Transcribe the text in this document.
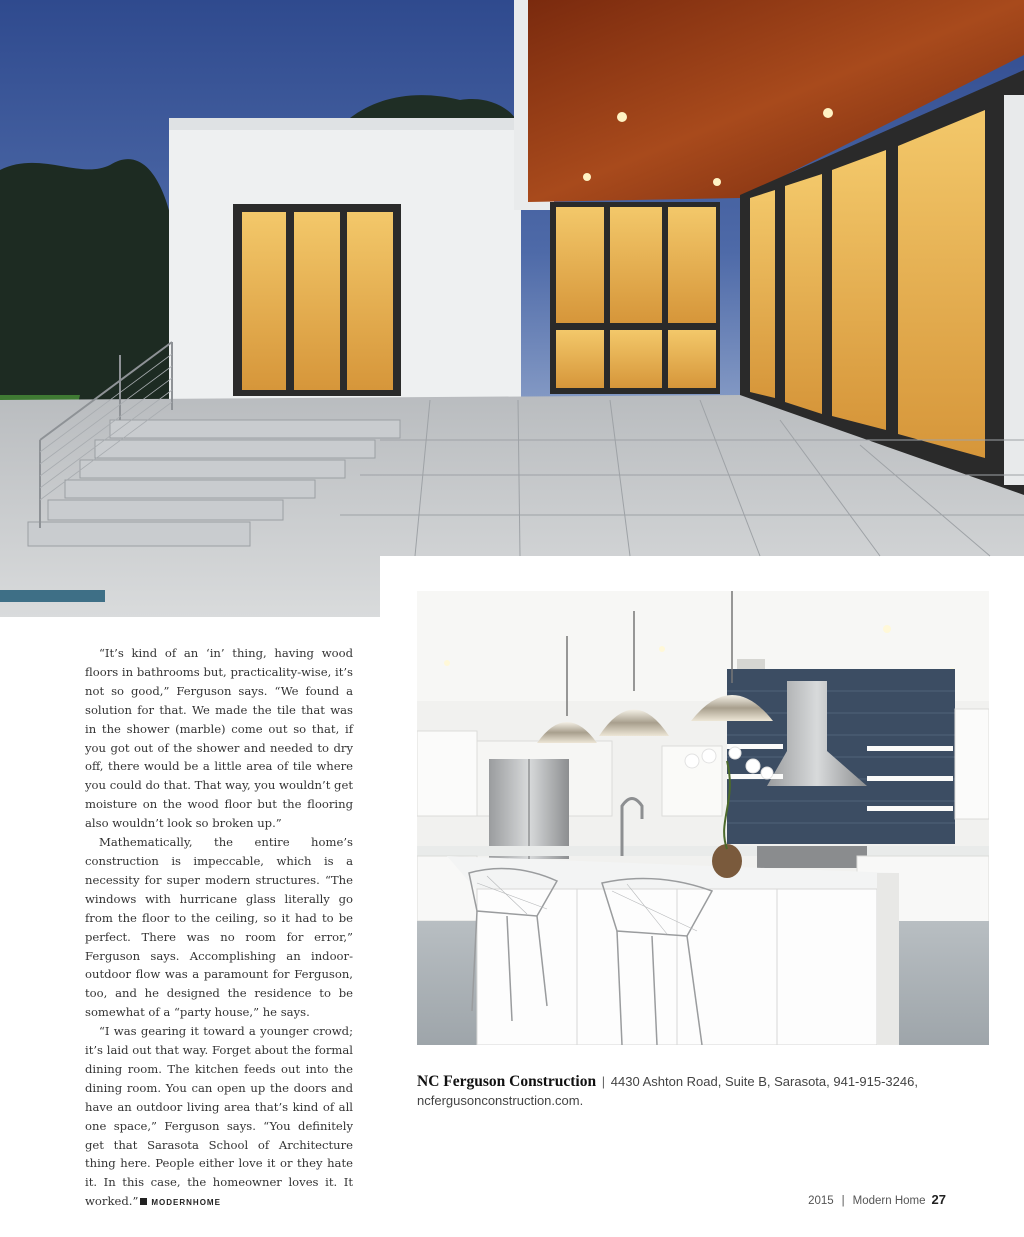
“It’s kind of an ‘in’ thing, having wood floors in bathrooms but, practicality-wise, it’s not so good,” Ferguson says. “We found a solution for that. We made the tile that was in the shower (marble) come out so that, if you got out of the shower and needed to dry off, there would be a little area of tile where you could do that. That way, you wouldn’t get moisture on the wood floor but the flooring also wouldn’t look so broken up.”

Mathematically, the entire home’s construction is impeccable, which is a necessity for super modern structures. “The windows with hurricane glass literally go from the floor to the ceiling, so it had to be perfect. There was no room for error,” Ferguson says. Accomplishing an indoor-outdoor flow was a paramount for Ferguson, too, and he designed the residence to be somewhat of a “party house,” he says.

“I was gearing it toward a younger crowd; it’s laid out that way. Forget about the formal dining room. The kitchen feeds out into the dining room. You can open up the doors and have an outdoor living area that’s kind of all one space,” Ferguson says. “You definitely get that Sarasota School of Architecture thing here. People either love it or they hate it. In this case, the homeowner loves it. It worked.” MODERNHOME

NC Ferguson Construction | 4430 Ashton Road, Suite B, Sarasota, 941-915-3246,
ncfergusonconstruction.com.
2015 | Modern Home 27
